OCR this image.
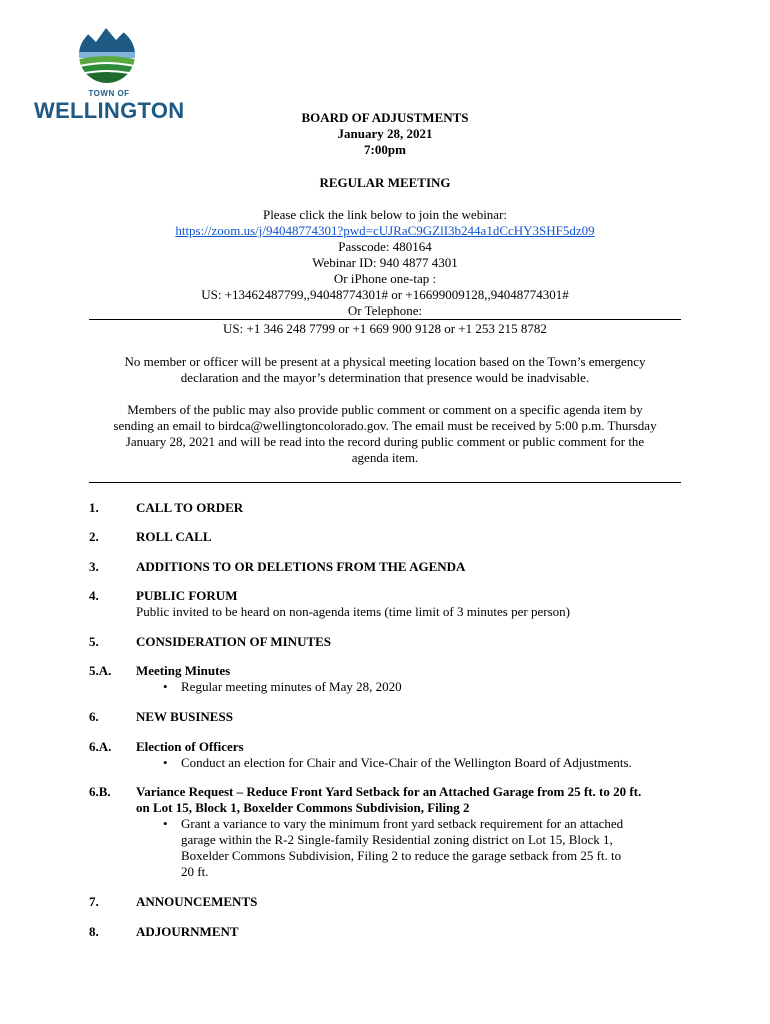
TOWN OF
WELLINGTON	BOARD OF ADJUSTMENTS
January 28, 2021
7:00pm
REGULAR MEETING
Please click the link below to join the webinar:
https://zoom.us/j/94048774301?pwd=cUJRaC9GZlI3b244a1dCcHY3SHF5dz09
Passcode: 480164
Webinar ID: 940 4877 4301
Or iPhone one-tap :
US: +13462487799,,94048774301# or +16699009128,,94048774301#
Or Telephone:
US: +1 346 248 7799 or +1 669 900 9128 or +1 253 215 8782
No member or officer will be present at a physical meeting location based on the Town’s emergency
declaration and the mayor’s determination that presence would be inadvisable.
Members of the public may also provide public comment or comment on a specific agenda item by
sending an email to birdca@wellingtoncolorado.gov. The email must be received by 5:00 p.m. Thursday
January 28, 2021 and will be read into the record during public comment or public comment for the
agenda item.
1.	CALL TO ORDER
2.	ROLL CALL
3.	ADDITIONS TO OR DELETIONS FROM THE AGENDA
4.	PUBLIC FORUM
Public invited to be heard on non-agenda items (time limit of 3 minutes per person)
5.	CONSIDERATION OF MINUTES
5.A. Meeting Minutes
• Regular meeting minutes of May 28, 2020
6.	NEW BUSINESS
6.A. Election of Officers
• Conduct an election for Chair and Vice-Chair of the Wellington Board of Adjustments.
6.B. Variance Request – Reduce Front Yard Setback for an Attached Garage from 25 ft. to 20 ft.
on Lot 15, Block 1, Boxelder Commons Subdivision, Filing 2
• Grant a variance to vary the minimum front yard setback requirement for an attached
garage within the R-2 Single-family Residential zoning district on Lot 15, Block 1,
Boxelder Commons Subdivision, Filing 2 to reduce the garage setback from 25 ft. to
20 ft.
7.	ANNOUNCEMENTS
8.	ADJOURNMENT
